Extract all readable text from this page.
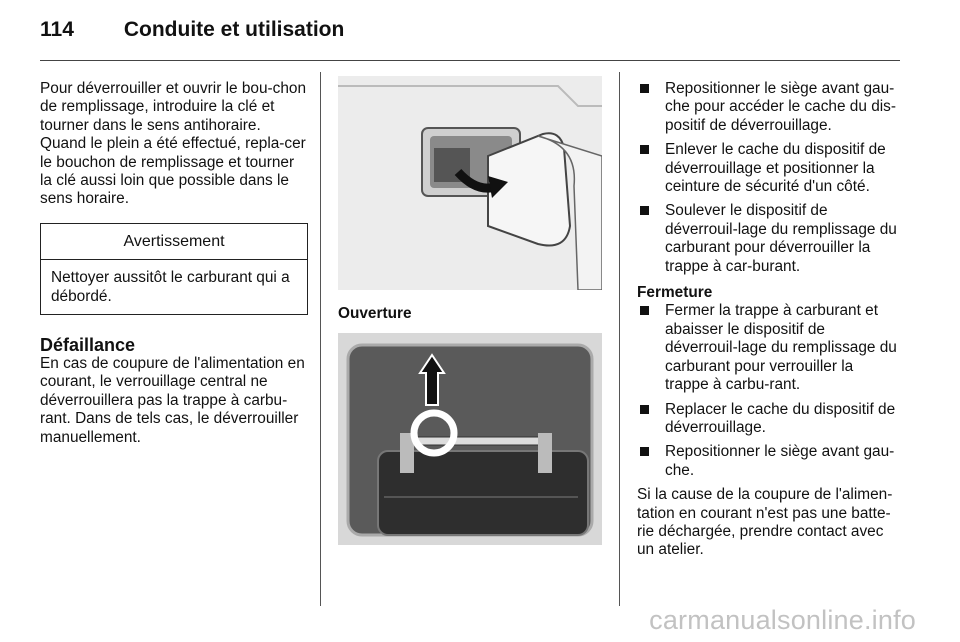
114 Conduite et utilisation

Pour déverrouiller et ouvrir le bou-chon de remplissage, introduire la clé et tourner dans le sens antihoraire. Quand le plein a été effectué, repla-cer le bouchon de remplissage et tourner la clé aussi loin que possible dans le sens horaire.

Avertissement
Nettoyer aussitôt le carburant qui a débordé.
Défaillance

En cas de coupure de l'alimentation en courant, le verrouillage central ne déverrouillera pas la trappe à carbu-rant. Dans de tels cas, le déverrouiller manuellement.

Ouverture
Repositionner le siège avant gau-che pour accéder le cache du dis-positif de déverrouillage.
Enlever le cache du dispositif de déverrouillage et positionner la ceinture de sécurité d'un côté.
Soulever le dispositif de déverrouil-lage du remplissage du carburant pour déverrouiller la trappe à car-burant.
Fermeture
Fermer la trappe à carburant et abaisser le dispositif de déverrouil-lage du remplissage du carburant pour verrouiller la trappe à carbu-rant.
Replacer le cache du dispositif de déverrouillage.
Repositionner le siège avant gau-che.

Si la cause de la coupure de l'alimen-tation en courant n'est pas une batte-rie déchargée, prendre contact avec un atelier.

carmanualsonline.info
